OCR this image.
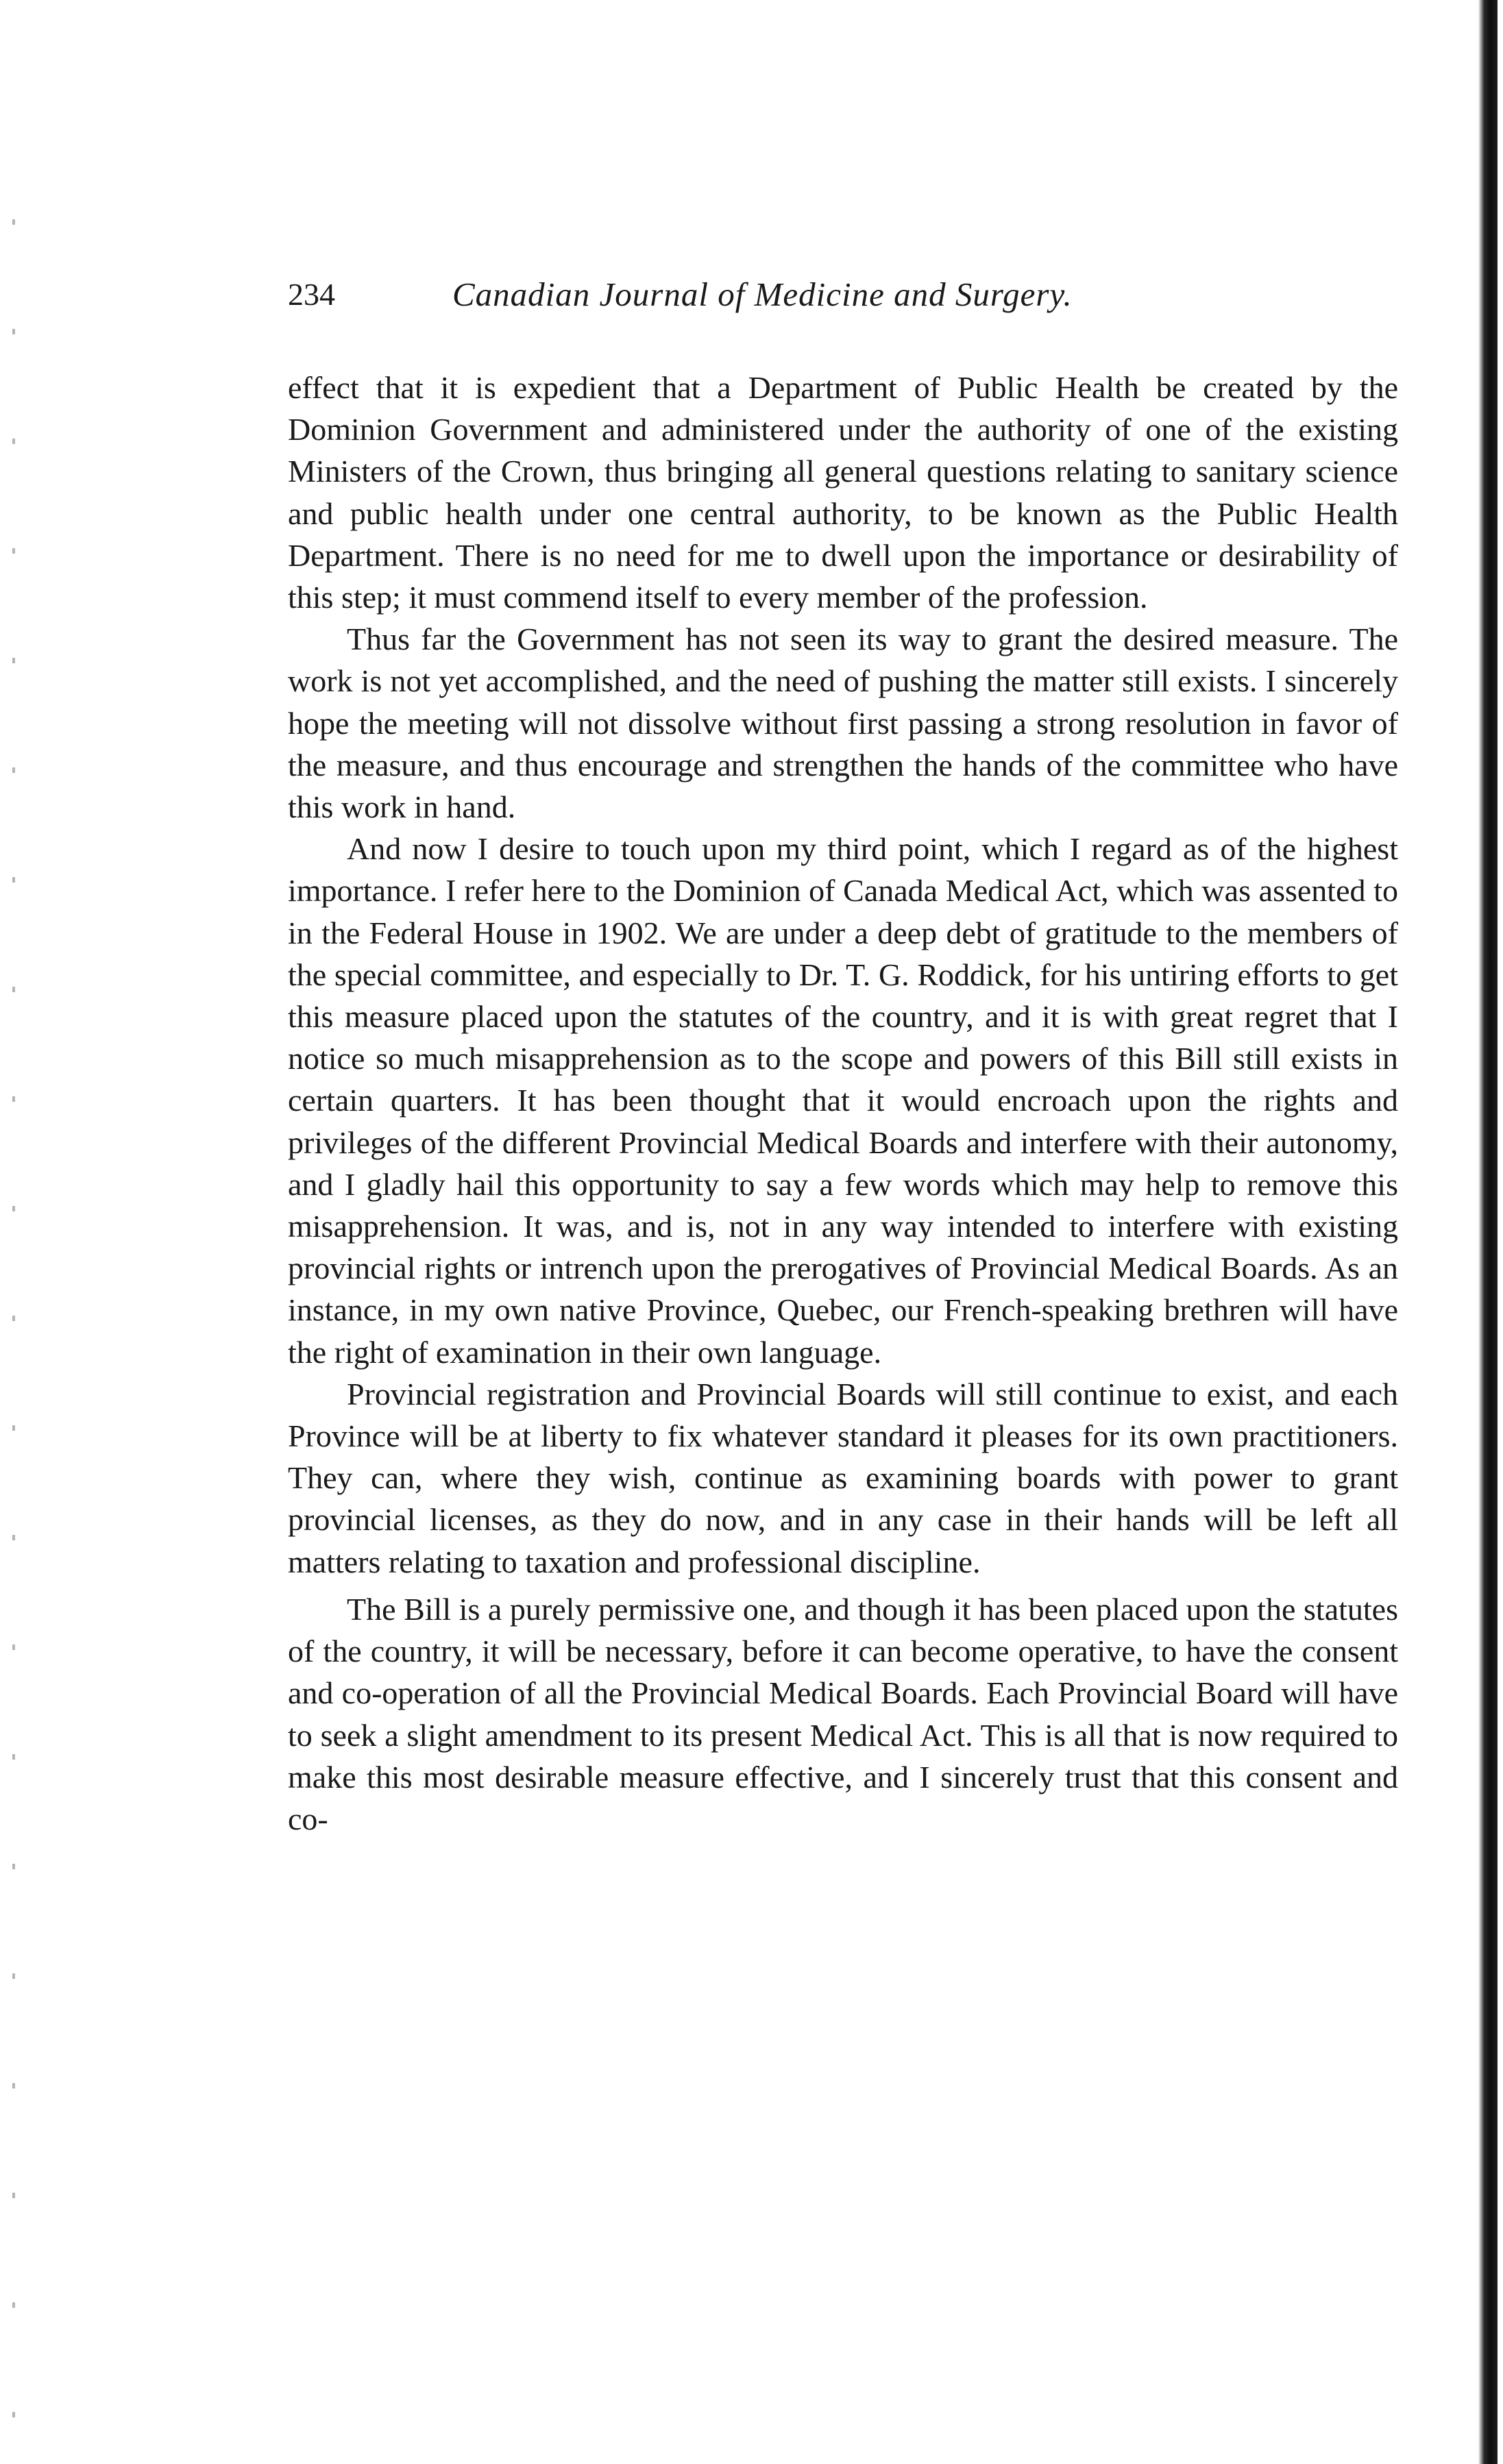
234	Canadian Journal of Medicine and Surgery.

effect that it is expedient that a Department of Public Health be created by the Dominion Government and administered under the authority of one of the existing Ministers of the Crown, thus bringing all general questions relating to sanitary science and public health under one central authority, to be known as the Public Health Department. There is no need for me to dwell upon the importance or desirability of this step; it must commend itself to every member of the profession.

Thus far the Government has not seen its way to grant the desired measure. The work is not yet accomplished, and the need of pushing the matter still exists. I sincerely hope the meeting will not dissolve without first passing a strong resolution in favor of the measure, and thus encourage and strengthen the hands of the committee who have this work in hand.

And now I desire to touch upon my third point, which I regard as of the highest importance. I refer here to the Dominion of Canada Medical Act, which was assented to in the Federal House in 1902. We are under a deep debt of gratitude to the members of the special committee, and especially to Dr. T. G. Roddick, for his untiring efforts to get this measure placed upon the statutes of the country, and it is with great regret that I notice so much misapprehension as to the scope and powers of this Bill still exists in certain quarters. It has been thought that it would encroach upon the rights and privileges of the different Provincial Medical Boards and interfere with their autonomy, and I gladly hail this opportunity to say a few words which may help to remove this misapprehension. It was, and is, not in any way intended to interfere with existing provincial rights or intrench upon the prerogatives of Provincial Medical Boards. As an instance, in my own native Province, Quebec, our French-speaking brethren will have the right of examination in their own language.

Provincial registration and Provincial Boards will still continue to exist, and each Province will be at liberty to fix whatever standard it pleases for its own practitioners. They can, where they wish, continue as examining boards with power to grant provincial licenses, as they do now, and in any case in their hands will be left all matters relating to taxation and professional discipline.

The Bill is a purely permissive one, and though it has been placed upon the statutes of the country, it will be necessary, before it can become operative, to have the consent and co-operation of all the Provincial Medical Boards. Each Provincial Board will have to seek a slight amendment to its present Medical Act. This is all that is now required to make this most desirable measure effective, and I sincerely trust that this consent and co-
